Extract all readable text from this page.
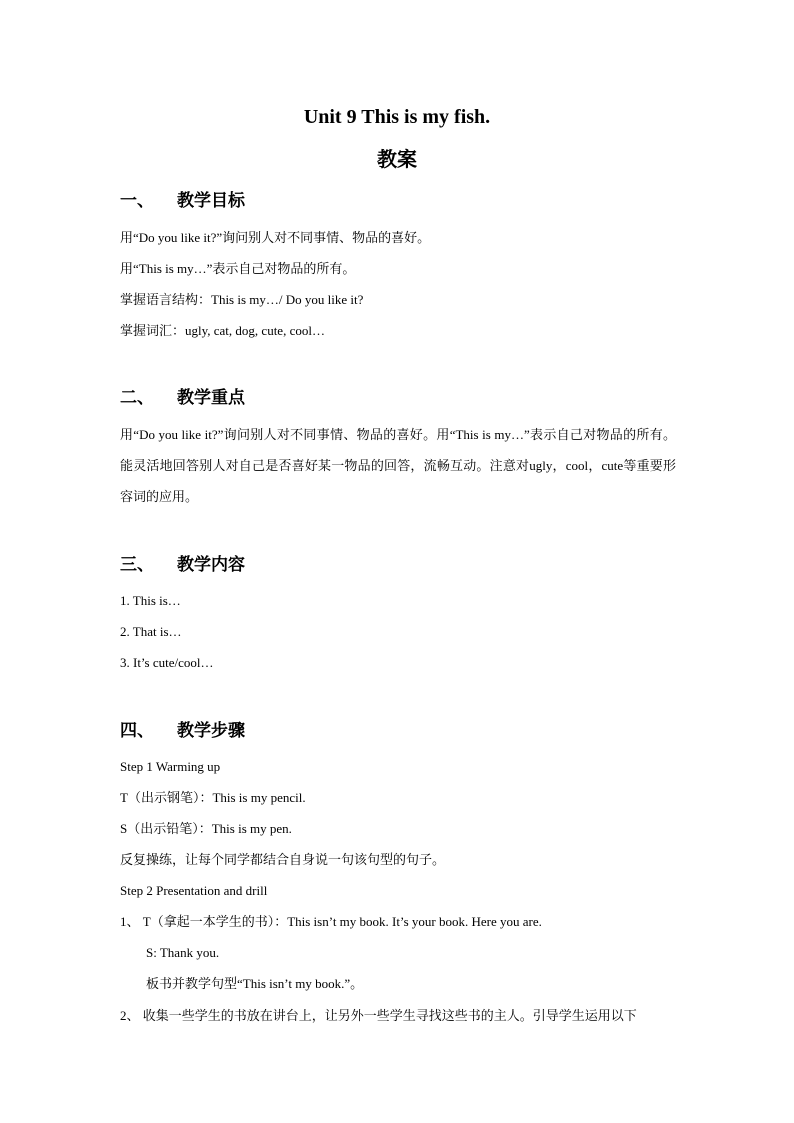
Unit 9 This is my fish.
教案
一、 教学目标
用“Do you like it?”询问别人对不同事情、物品的喜好。
用“This is my…”表示自己对物品的所有。
掌握语言结构：This is my…/ Do you like it?
掌握词汇：ugly, cat, dog, cute, cool…
二、 教学重点
用“Do you like it?”询问别人对不同事情、物品的喜好。用“This is my…”表示自己对物品的所有。能灵活地回答别人对自己是否喜好某一物品的回答，流畅互动。注意对ugly，cool，cute等重要形容词的应用。
三、 教学内容
1. This is…
2. That is…
3. It’s cute/cool…
四、 教学步骤
Step 1 Warming up
T（出示钢笔）：This is my pencil.
S（出示铅笔）：This is my pen.
反复操练，让每个同学都结合自身说一句该句型的句子。
Step 2 Presentation and drill
1、 T（拿起一本学生的书）：This isn’t my book. It’s your book. Here you are.
S: Thank you.
板书并教学句型“This isn’t my book.”。
2、 收集一些学生的书放在讲台上，让另外一些学生寻找这些书的主人。引导学生运用以下
